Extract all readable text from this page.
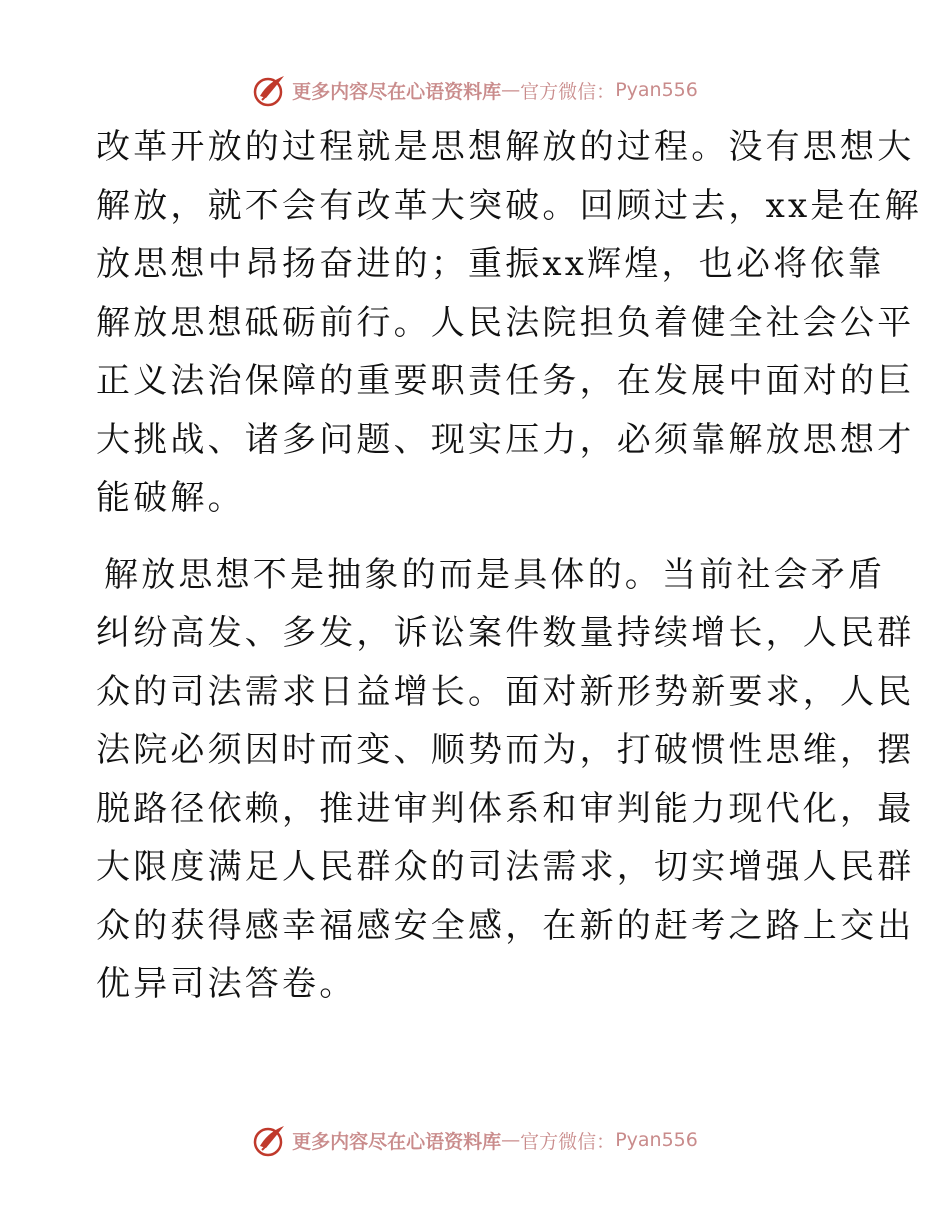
更多内容尽在心语资料库 — 官方微信： Pyan556

改革开放的过程就是思想解放的过程。没有思想大
解放，就不会有改革大突破。回顾过去，xx是在解
放思想中昂扬奋进的；重振xx辉煌，也必将依靠
解放思想砥砺前行。人民法院担负着健全社会公平
正义法治保障的重要职责任务，在发展中面对的巨
大挑战、诸多问题、现实压力，必须靠解放思想才
能破解。

解放思想不是抽象的而是具体的。当前社会矛盾
纠纷高发、多发，诉讼案件数量持续增长，人民群
众的司法需求日益增长。面对新形势新要求，人民
法院必须因时而变、顺势而为，打破惯性思维，摆
脱路径依赖，推进审判体系和审判能力现代化，最
大限度满足人民群众的司法需求，切实增强人民群
众的获得感幸福感安全感，在新的赶考之路上交出
优异司法答卷。

更多内容尽在心语资料库 — 官方微信： Pyan556
